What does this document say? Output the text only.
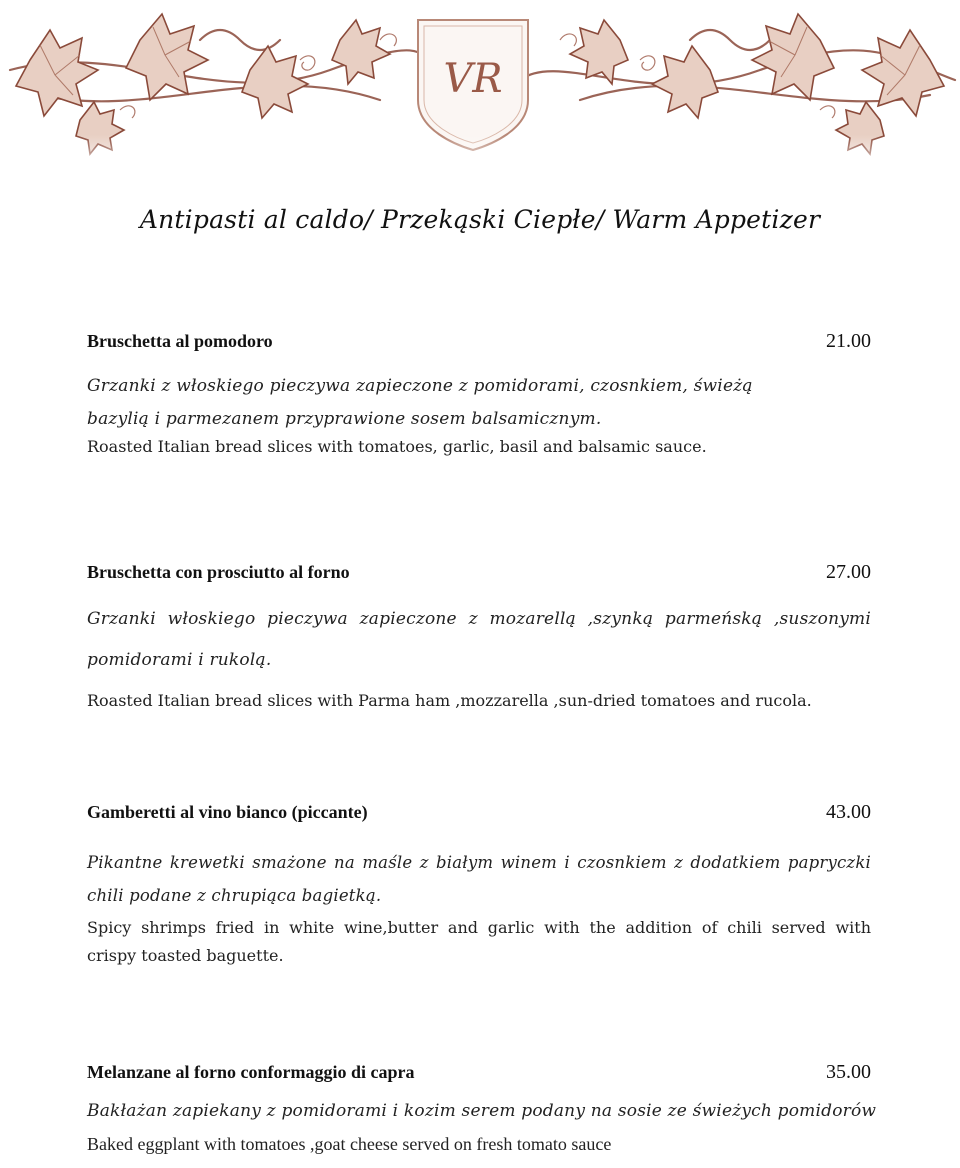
VR
Antipasti al caldo/ Przekąski Ciepłe/ Warm Appetizer
Bruschetta al pomodoro	21.00
Grzanki z włoskiego pieczywa zapieczone z pomidorami, czosnkiem, świeżą
bazylią i parmezanem przyprawione sosem balsamicznym.
Roasted Italian bread slices with tomatoes, garlic, basil and balsamic sauce.
Bruschetta con prosciutto al forno	27.00
Grzanki włoskiego pieczywa zapieczone z mozarellą ,szynką parmeńską ,suszonymi
pomidorami i rukolą.
Roasted Italian bread slices with Parma ham ,mozzarella ,sun-dried tomatoes and rucola.
Gamberetti al vino bianco (piccante)	43.00
Pikantne krewetki smażone na maśle z białym winem i czosnkiem z dodatkiem papryczki
chili podane z chrupiąca bagietką.
Spicy shrimps fried in white wine,butter and garlic with the addition of chili served with
crispy toasted baguette.
Melanzane al forno conformaggio di capra	35.00
Bakłażan zapiekany z pomidorami i kozim serem podany na sosie ze świeżych pomidorów
Baked eggplant with tomatoes ,goat cheese served on fresh tomato sauce
